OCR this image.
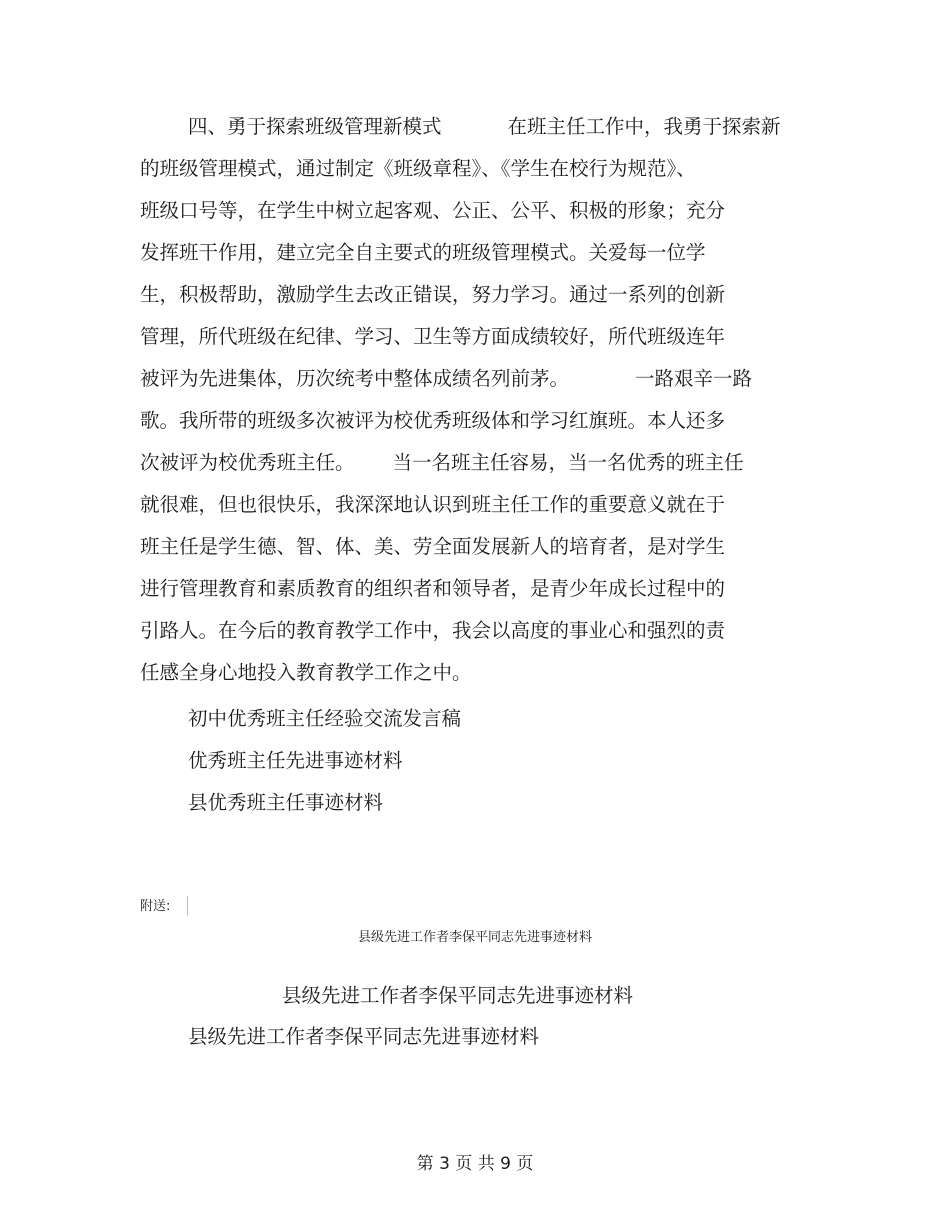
四、勇于探索班级管理新模式	在班主任工作中，我勇于探索新
的班级管理模式，通过制定《班级章程》、《学生在校行为规范》、
班级口号等，在学生中树立起客观、公正、公平、积极的形象；充分
发挥班干作用，建立完全自主要式的班级管理模式。关爱每一位学
生，积极帮助，激励学生去改正错误，努力学习。通过一系列的创新
管理，所代班级在纪律、学习、卫生等方面成绩较好，所代班级连年
被评为先进集体，历次统考中整体成绩名列前茅。	一路艰辛一路
歌。我所带的班级多次被评为校优秀班级体和学习红旗班。本人还多
次被评为校优秀班主任。 当一名班主任容易，当一名优秀的班主任
就很难，但也很快乐，我深深地认识到班主任工作的重要意义就在于
班主任是学生德、智、体、美、劳全面发展新人的培育者，是对学生
进行管理教育和素质教育的组织者和领导者，是青少年成长过程中的
引路人。在今后的教育教学工作中，我会以高度的事业心和强烈的责
任感全身心地投入教育教学工作之中。
初中优秀班主任经验交流发言稿
优秀班主任先进事迹材料
县优秀班主任事迹材料
附送:
县级先进工作者李保平同志先进事迹材料
县级先进工作者李保平同志先进事迹材料
县级先进工作者李保平同志先进事迹材料
第 3 页 共 9 页
